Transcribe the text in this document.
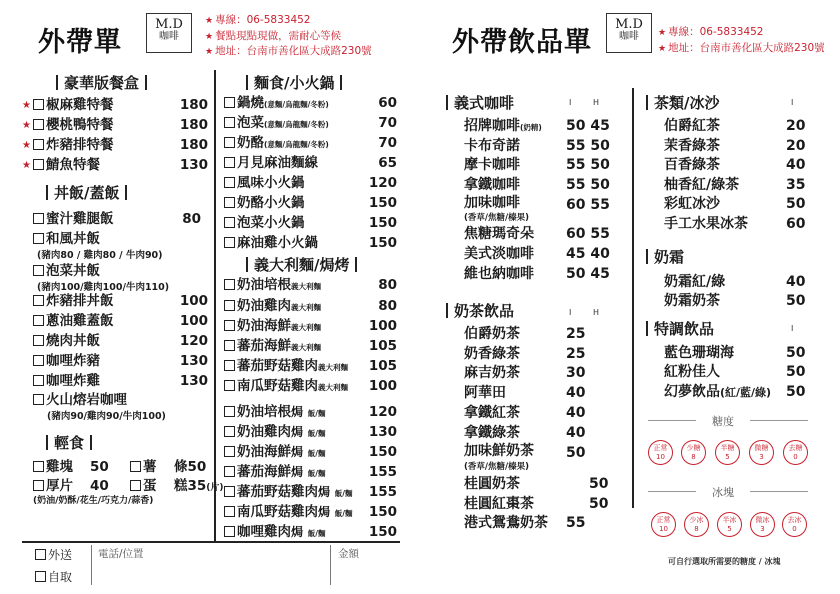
外帶單
M.D
咖啡
★ 專線：06-5833452
★ 餐點現點現做，需耐心等候
★ 地址：台南市善化區大成路230號
豪華版餐盒
★ 椒麻雞特餐	180
★ 櫻桃鴨特餐	180
★ 炸豬排特餐	180
★ 鯖魚特餐	130
丼飯/蓋飯
蜜汁雞腿飯	80
和風丼飯
(豬肉80 / 雞肉80 / 牛肉90)
泡菜丼飯
(豬肉100/雞肉100/牛肉110)
炸豬排丼飯	100
蔥油雞蓋飯	100
燒肉丼飯	120
咖哩炸豬	130
咖哩炸雞	130
火山熔岩咖哩
(豬肉90/雞肉90/牛肉100)
輕食
雞塊 50	薯 條50
厚片 40	蛋 糕35(片)
(奶油/奶酥/花生/巧克力/蒜香)
麵食/小火鍋
鍋燒(意麵/烏龍麵/冬粉)	60
泡菜(意麵/烏龍麵/冬粉)	70
奶酪(意麵/烏龍麵/冬粉)	70
月見麻油麵線	65
風味小火鍋	120
奶酪小火鍋	150
泡菜小火鍋	150
麻油雞小火鍋	150
義大利麵/焗烤
奶油培根義大利麵	80
奶油雞肉義大利麵	80
奶油海鮮義大利麵	100
蕃茄海鮮義大利麵	105
蕃茄野菇雞肉義大利麵	105
南瓜野菇雞肉義大利麵	100
奶油培根焗 飯/麵	120
奶油雞肉焗 飯/麵	130
奶油海鮮焗 飯/麵	150
蕃茄海鮮焗 飯/麵	155
蕃茄野菇雞肉焗 飯/麵	155
南瓜野菇雞肉焗 飯/麵	150
咖哩雞肉焗 飯/麵	150
外送
自取
電話/位置	金額
外帶飲品單
M.D
咖啡	★ 專線：06-5833452
★ 地址：台南市善化區大成路230號
義式咖啡	I	H
招牌咖啡(奶精) 50 45
卡布奇諾	55 50
摩卡咖啡	55 50
拿鐵咖啡	55 50
加味咖啡	60 55
(香草/焦糖/榛果)
焦糖瑪奇朵 60 55
美式淡咖啡 45 40
維也納咖啡 50 45
奶茶飲品	I	H
伯爵奶茶	25
奶香綠茶	25
麻吉奶茶	30
阿華田	40
拿鐵紅茶	40
拿鐵綠茶	40
加味鮮奶茶 50
(香草/焦糖/榛果)
桂圓奶茶	50
桂圓紅棗茶	50
港式鴛鴦奶茶 55
茶類/冰沙	I
伯爵紅茶	20
茉香綠茶	20
百香綠茶	40
柚香紅/綠茶	35
彩虹冰沙	50
手工水果冰茶	60
奶霜
奶霜紅/綠	40
奶霜奶茶	50
特調飲品	I
藍色珊瑚海	50
紅粉佳人	50
幻夢飲品(紅/藍/綠) 50
糖度
正常
10
少糖
8
半糖
5
微糖
3
去糖
0
冰塊
正常
10
少冰
8
半冰
5
微冰
3
去冰
0
可自行選取所需要的糖度 / 冰塊
